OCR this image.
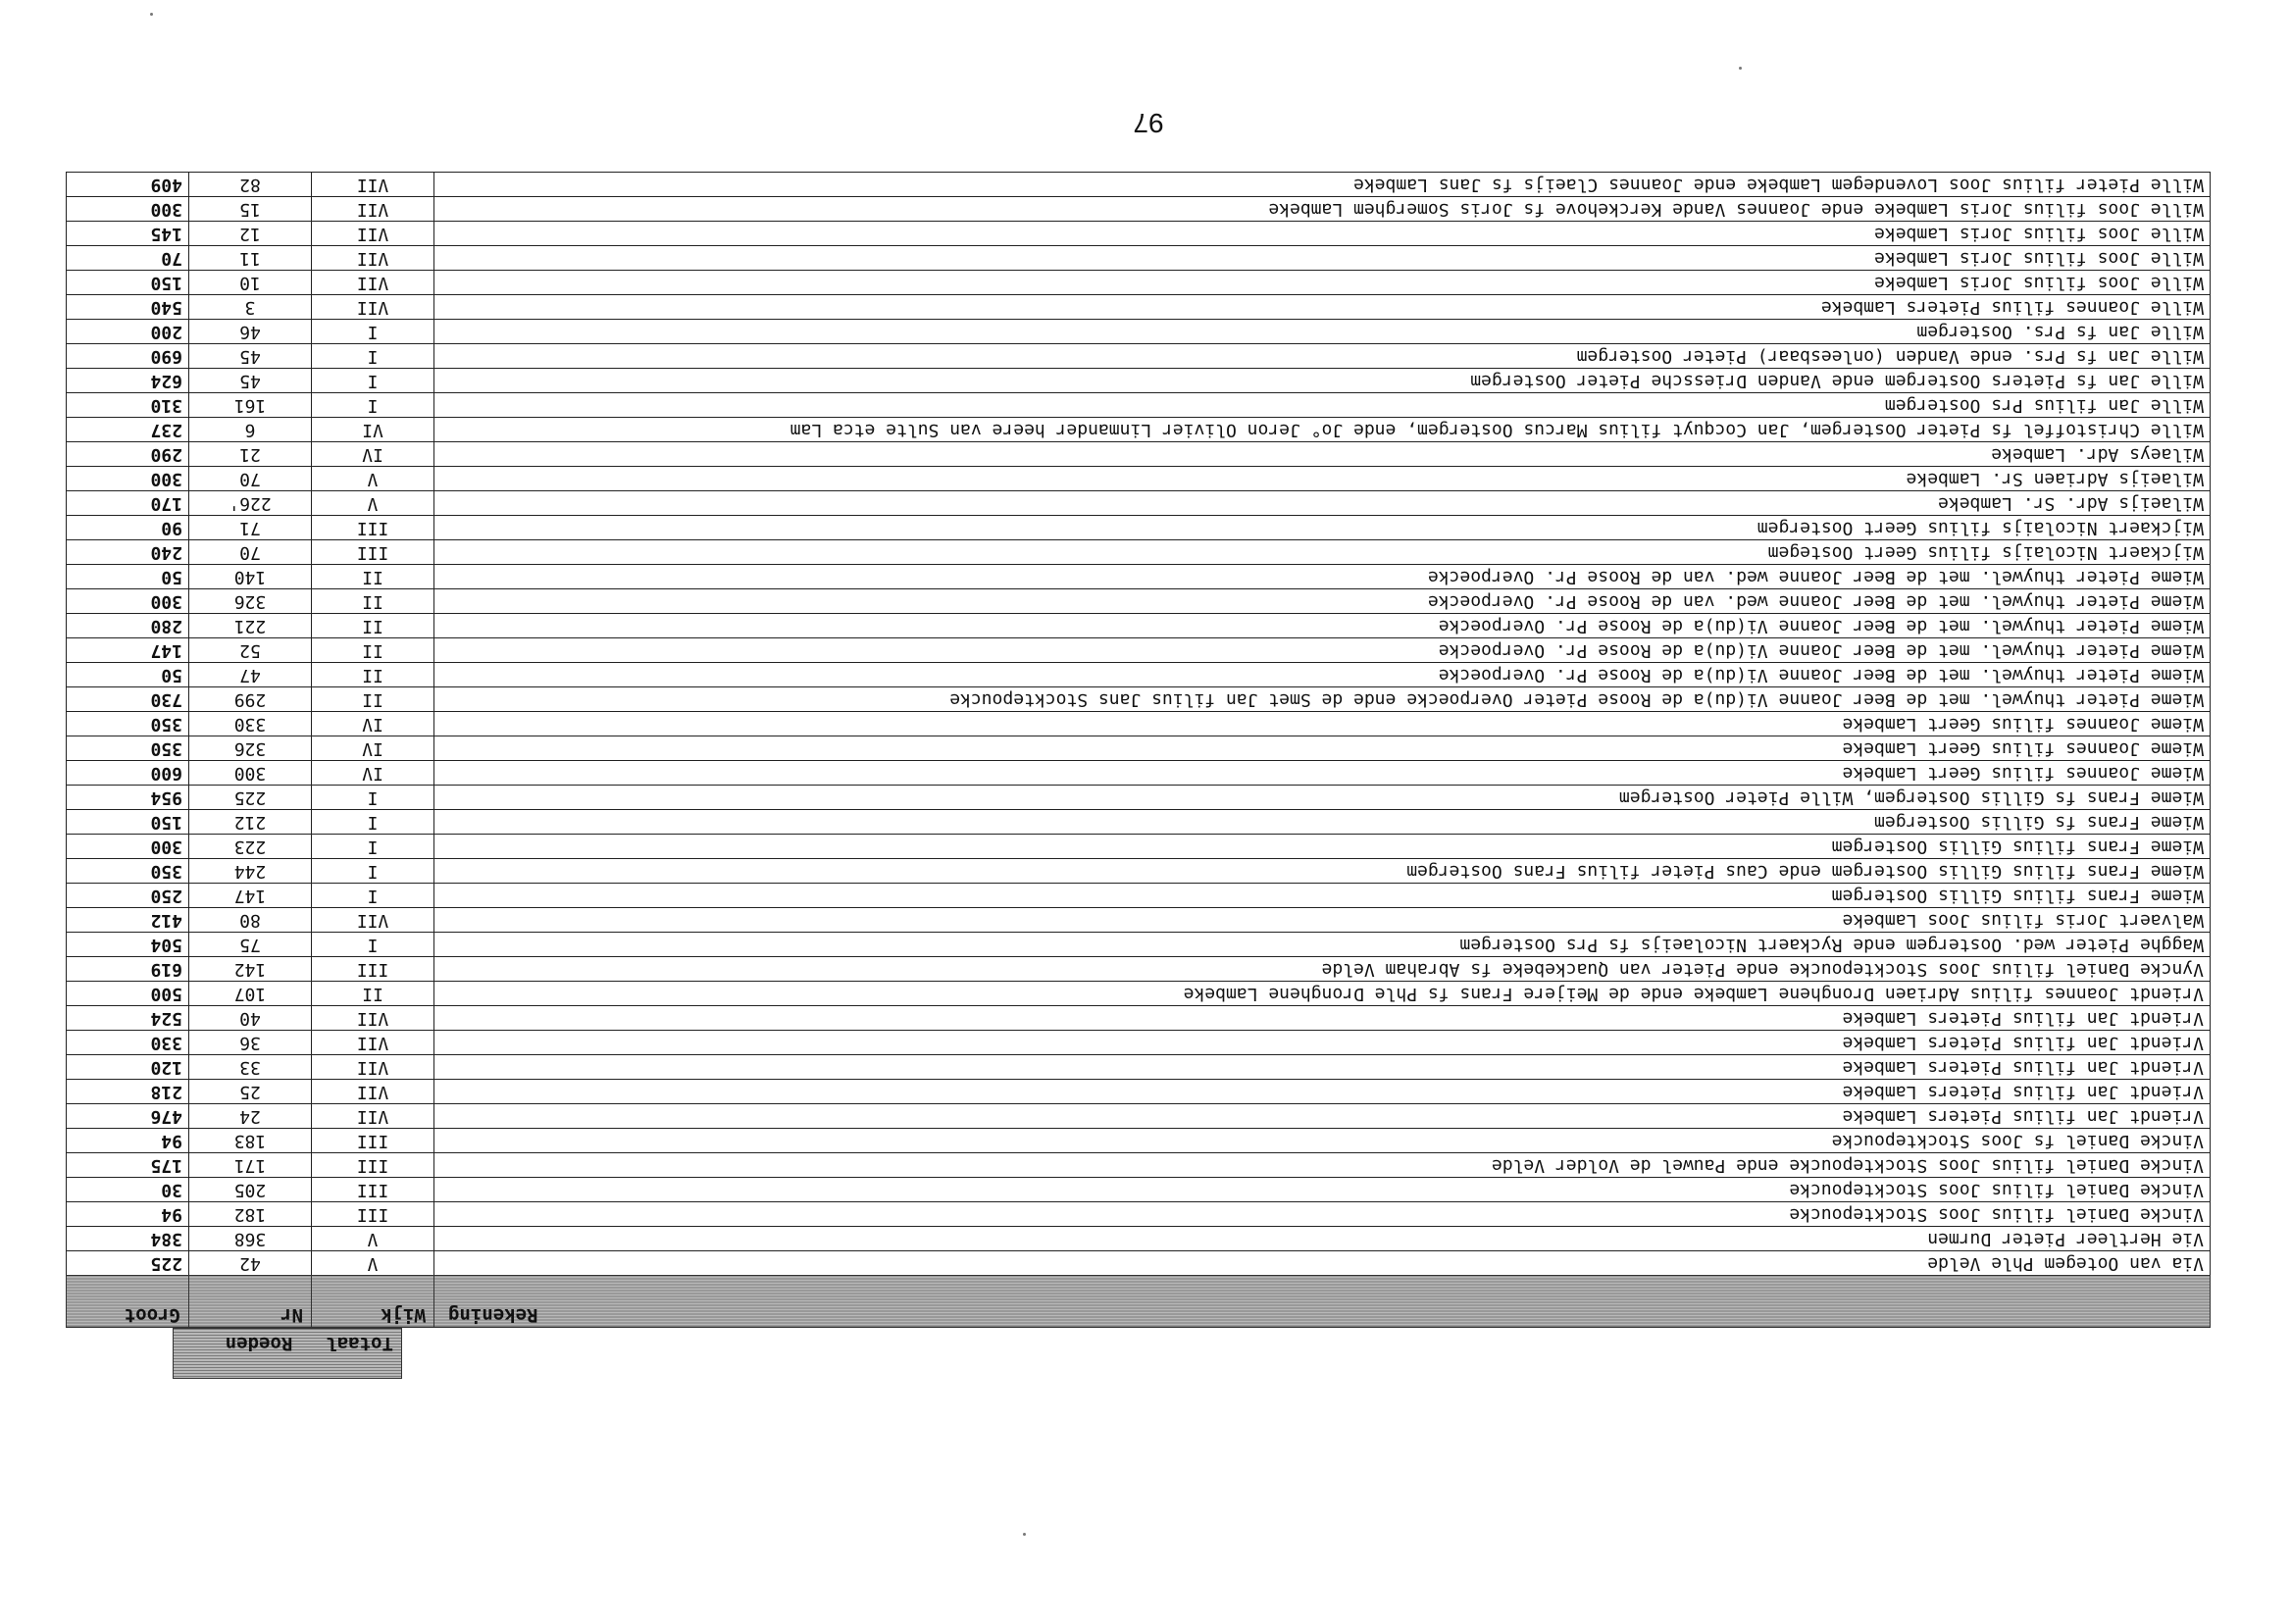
Totaal
Roeden
Rekening	Wijk	Nr	Groot
Via van Ootegem Phle Velde	V	42	225
Vie Hertleer Pieter Durmen	V	368	384
Vincke Daniel filius Joos Stocktepoucke	III	182	94
Vincke Daniel filius Joos Stocktepoucke	III	205	30
Vincke Daniel filius Joos Stocktepoucke ende Pauwel de Volder Velde	III	171	175
Vincke Daniel fs Joos Stocktepoucke	III	183	94
Vriendt Jan filius Pieters Lambeke	VII	24	476
Vriendt Jan filius Pieters Lambeke	VII	25	218
Vriendt Jan filius Pieters Lambeke	VII	33	120
Vriendt Jan filius Pieters Lambeke	VII	36	330
Vriendt Jan filius Pieters Lambeke	VII	40	524
Vriendt Joannes filius Adriaen Dronghene Lambeke ende de Meijere Frans fs Phle Dronghene Lambeke	II	107	500
Vyncke Daniel filius Joos Stocktepoucke ende Pieter van Quackebeke fs Abraham Velde	III	142	619
Wagghe Pieter wed. Oostergem ende Ryckaert Nicolaeijs fs Prs Oostergem	I	75	504
Walvaert Joris filius Joos Lambeke	VII	80	412
Wieme Frans filius Gillis Oostergem	I	147	250
Wieme Frans filius Gillis Oostergem ende Caus Pieter filius Frans Oostergem	I	244	350
Wieme Frans filius Gillis Oostergem	I	223	300
Wieme Frans fs Gillis Oostergem	I	212	150
Wieme Frans fs Gillis Oostergem, Wille Pieter Oostergem	I	225	954
Wieme Joannes filius Geert Lambeke	IV	300	600
Wieme Joannes filius Geert Lambeke	IV	326	350
Wieme Joannes filius Geert Lambeke	IV	330	350
Wieme Pieter thuywel. met de Beer Joanne Vi(du)a de Roose Pieter Overpoecke ende de Smet Jan filius Jans Stocktepoucke	II	299	730
Wieme Pieter thuywel. met de Beer Joanne Vi(du)a de Roose Pr. Overpoecke	II	47	50
Wieme Pieter thuywel. met de Beer Joanne Vi(du)a de Roose Pr. Overpoecke	II	52	147
Wieme Pieter thuywel. met de Beer Joanne Vi(du)a de Roose Pr. Overpoecke	II	221	280
Wieme Pieter thuywel. met de Beer Joanne wed. van de Roose Pr. Overpoecke	II	326	300
Wieme Pieter thuywel. met de Beer Joanne wed. van de Roose Pr. Overpoecke	II	140	50
Wijckaert Nicolaijs filius Geert Oostegem	III	70	240
Wijckaert Nicolaijs filius Geert Oostergem	III	71	90
Wilaeijs Adr. Sr. Lambeke	V	226'	170
Wilaeijs Adriaen Sr. Lambeke	V	70	300
Wilaeys Adr. Lambeke	IV	21	290
Wille Christoffel fs Pieter Oostergem, Jan Cocquyt filius Marcus Oostergem, ende Jo° Jeron Olivier Linmander heere van Sulte etca Lam	VI	6	237
Wille Jan filius Prs Oostergem	I	161	310
Wille Jan fs Pieters Oostergem ende Vanden Driessche Pieter Oostergem	I	45	624
Wille Jan fs Prs. ende Vanden (onleesbaar) Pieter Oostergem	I	45	690
Wille Jan fs Prs. Oostergem	I	46	200
Wille Joannes filius Pieters Lambeke	VII	3	540
Wille Joos filius Joris Lambeke	VII	10	150
Wille Joos filius Joris Lambeke	VII	11	70
Wille Joos filius Joris Lambeke	VII	12	145
Wille Joos filius Joris Lambeke ende Joannes Vande Kerckehove fs Joris Somerghem Lambeke	VII	15	300
Wille Pieter filius Joos Lovendegem Lambeke ende Joannes Claeijs fs Jans Lambeke	VII	82	409
97
